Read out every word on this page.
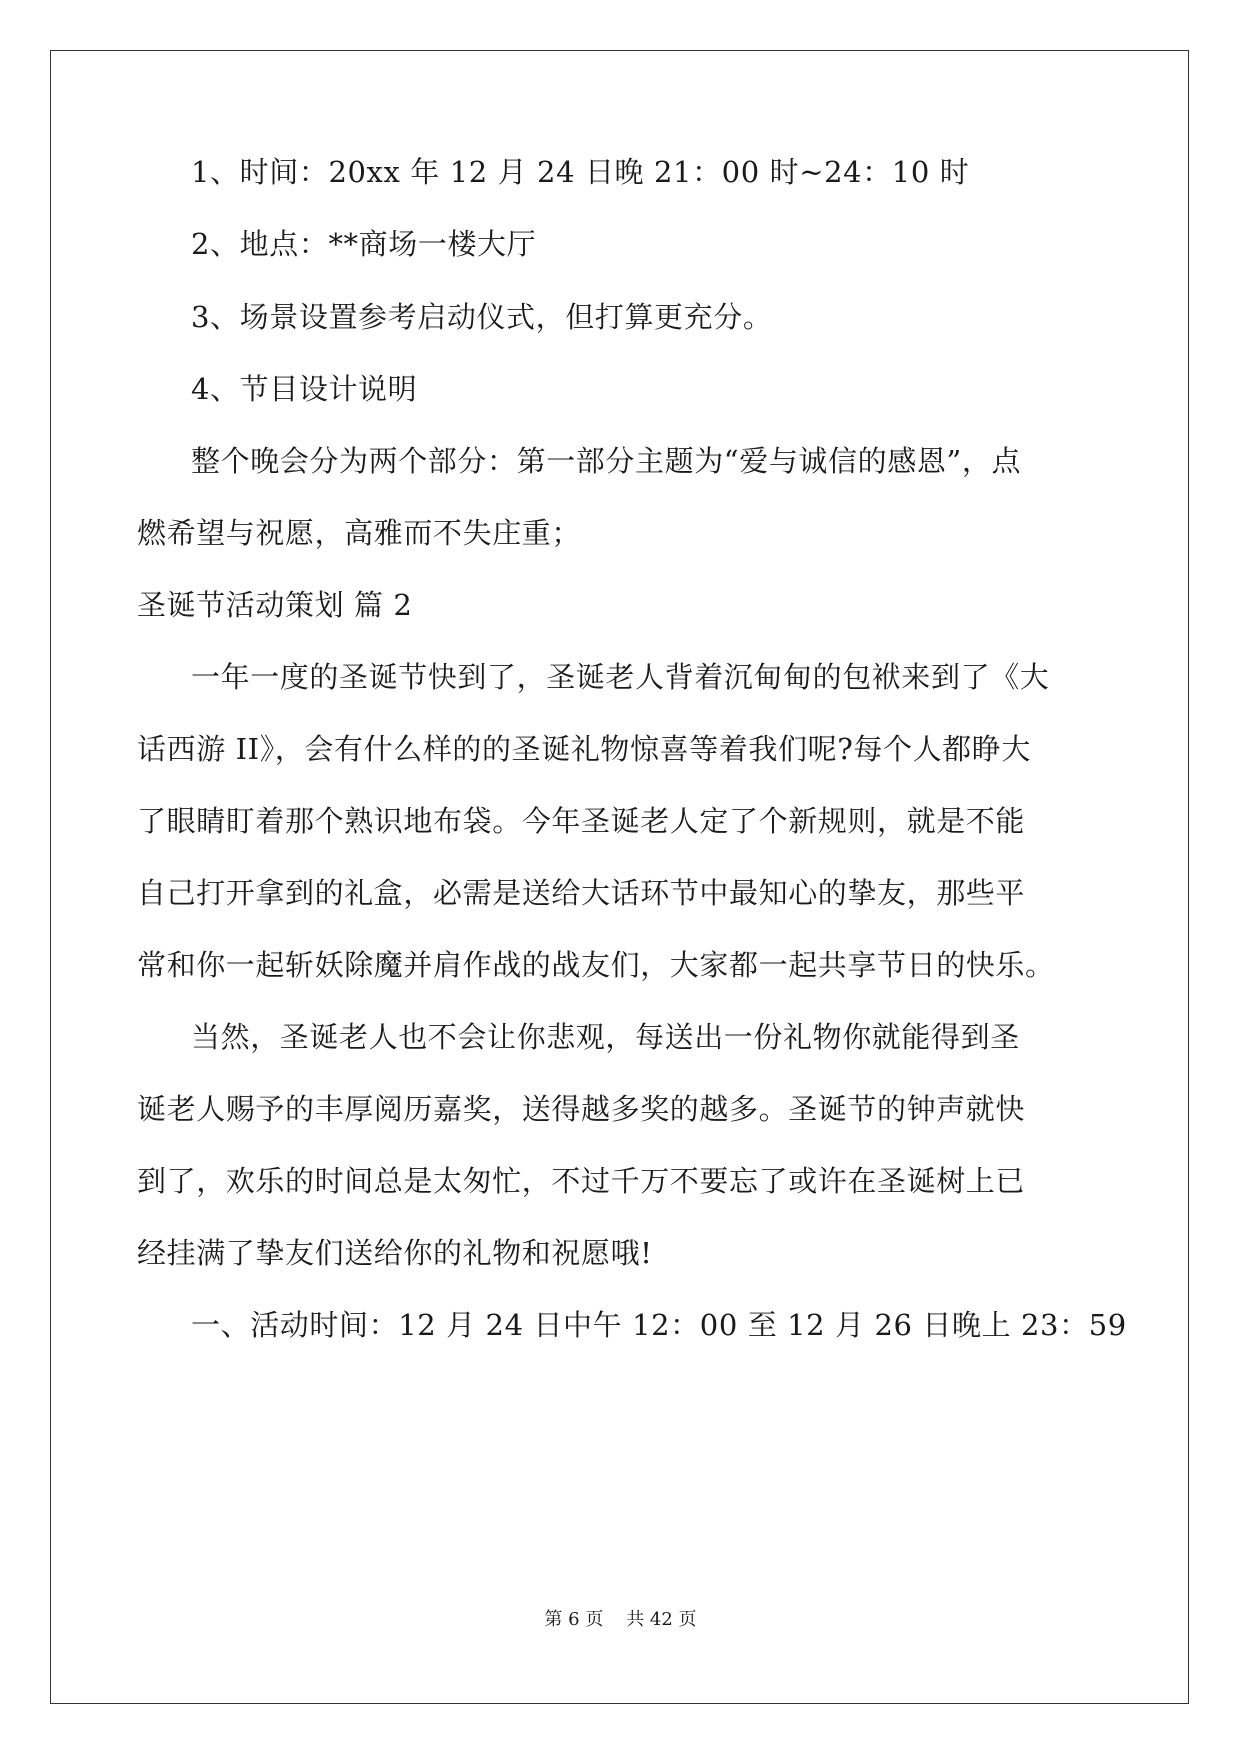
1、时间：20xx 年 12 月 24 日晚 21：00 时~24：10 时
2、地点：**商场一楼大厅
3、场景设置参考启动仪式，但打算更充分。
4、节目设计说明
整个晚会分为两个部分：第一部分主题为“爱与诚信的感恩”，点
燃希望与祝愿，高雅而不失庄重；
圣诞节活动策划 篇 2
一年一度的圣诞节快到了，圣诞老人背着沉甸甸的包袱来到了《大
话西游 II》，会有什么样的的圣诞礼物惊喜等着我们呢?每个人都睁大
了眼睛盯着那个熟识地布袋。今年圣诞老人定了个新规则，就是不能
自己打开拿到的礼盒，必需是送给大话环节中最知心的挚友，那些平
常和你一起斩妖除魔并肩作战的战友们，大家都一起共享节日的快乐。
当然，圣诞老人也不会让你悲观，每送出一份礼物你就能得到圣
诞老人赐予的丰厚阅历嘉奖，送得越多奖的越多。圣诞节的钟声就快
到了，欢乐的时间总是太匆忙，不过千万不要忘了或许在圣诞树上已
经挂满了挚友们送给你的礼物和祝愿哦!
一、活动时间：12 月 24 日中午 12：00 至 12 月 26 日晚上 23：59
第 6 页    共 42 页
